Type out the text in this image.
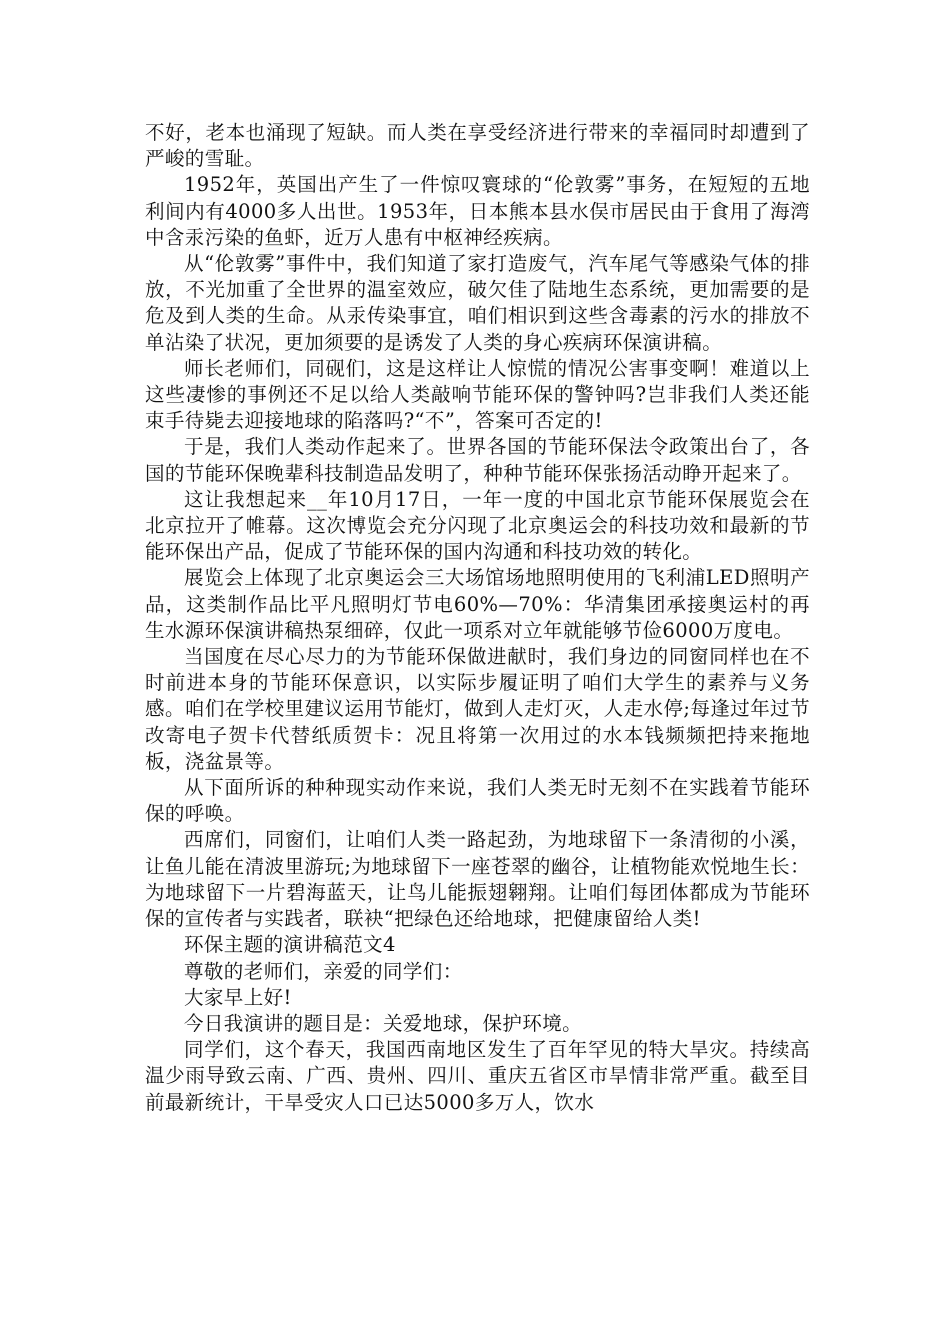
不好，老本也涌现了短缺。而人类在享受经济进行带来的幸福同时却遭到了严峻的雪耻。

1952年，英国出产生了一件惊叹寰球的“伦敦雾”事务，在短短的五地利间内有4000多人出世。1953年，日本熊本县水俣市居民由于食用了海湾中含汞污染的鱼虾，近万人患有中枢神经疾病。

从“伦敦雾”事件中，我们知道了家打造废气，汽车尾气等感染气体的排放，不光加重了全世界的温室效应，破欠佳了陆地生态系统，更加需要的是危及到人类的生命。从汞传染事宜，咱们相识到这些含毒素的污水的排放不单沾染了状况，更加须要的是诱发了人类的身心疾病环保演讲稿。

师长老师们，同砚们，这是这样让人惊慌的情况公害事变啊！难道以上这些凄惨的事例还不足以给人类敲响节能环保的警钟吗?岂非我们人类还能束手待毙去迎接地球的陷落吗?“不”，答案可否定的!

于是，我们人类动作起来了。世界各国的节能环保法令政策出台了，各国的节能环保晚辈科技制造品发明了，种种节能环保张扬活动睁开起来了。

这让我想起来__年10月17日，一年一度的中国北京节能环保展览会在北京拉开了帷幕。这次博览会充分闪现了北京奥运会的科技功效和最新的节能环保出产品，促成了节能环保的国内沟通和科技功效的转化。

展览会上体现了北京奥运会三大场馆场地照明使用的飞利浦LED照明产品，这类制作品比平凡照明灯节电60%—70%：华清集团承接奥运村的再生水源环保演讲稿热泵细碎，仅此一项系对立年就能够节俭6000万度电。

当国度在尽心尽力的为节能环保做进献时，我们身边的同窗同样也在不时前进本身的节能环保意识，以实际步履证明了咱们大学生的素养与义务感。咱们在学校里建议运用节能灯，做到人走灯灭，人走水停;每逢过年过节改寄电子贺卡代替纸质贺卡：况且将第一次用过的水本钱频频把持来拖地板，浇盆景等。

从下面所诉的种种现实动作来说，我们人类无时无刻不在实践着节能环保的呼唤。

西席们，同窗们，让咱们人类一路起劲，为地球留下一条清彻的小溪，让鱼儿能在清波里游玩;为地球留下一座苍翠的幽谷，让植物能欢悦地生长：为地球留下一片碧海蓝天，让鸟儿能振翅翱翔。让咱们每团体都成为节能环保的宣传者与实践者，联袂“把绿色还给地球，把健康留给人类!

环保主题的演讲稿范文4

尊敬的老师们，亲爱的同学们：

大家早上好!

今日我演讲的题目是：关爱地球，保护环境。

同学们，这个春天，我国西南地区发生了百年罕见的特大旱灾。持续高温少雨导致云南、广西、贵州、四川、重庆五省区市旱情非常严重。截至目前最新统计，干旱受灾人口已达5000多万人，饮水
